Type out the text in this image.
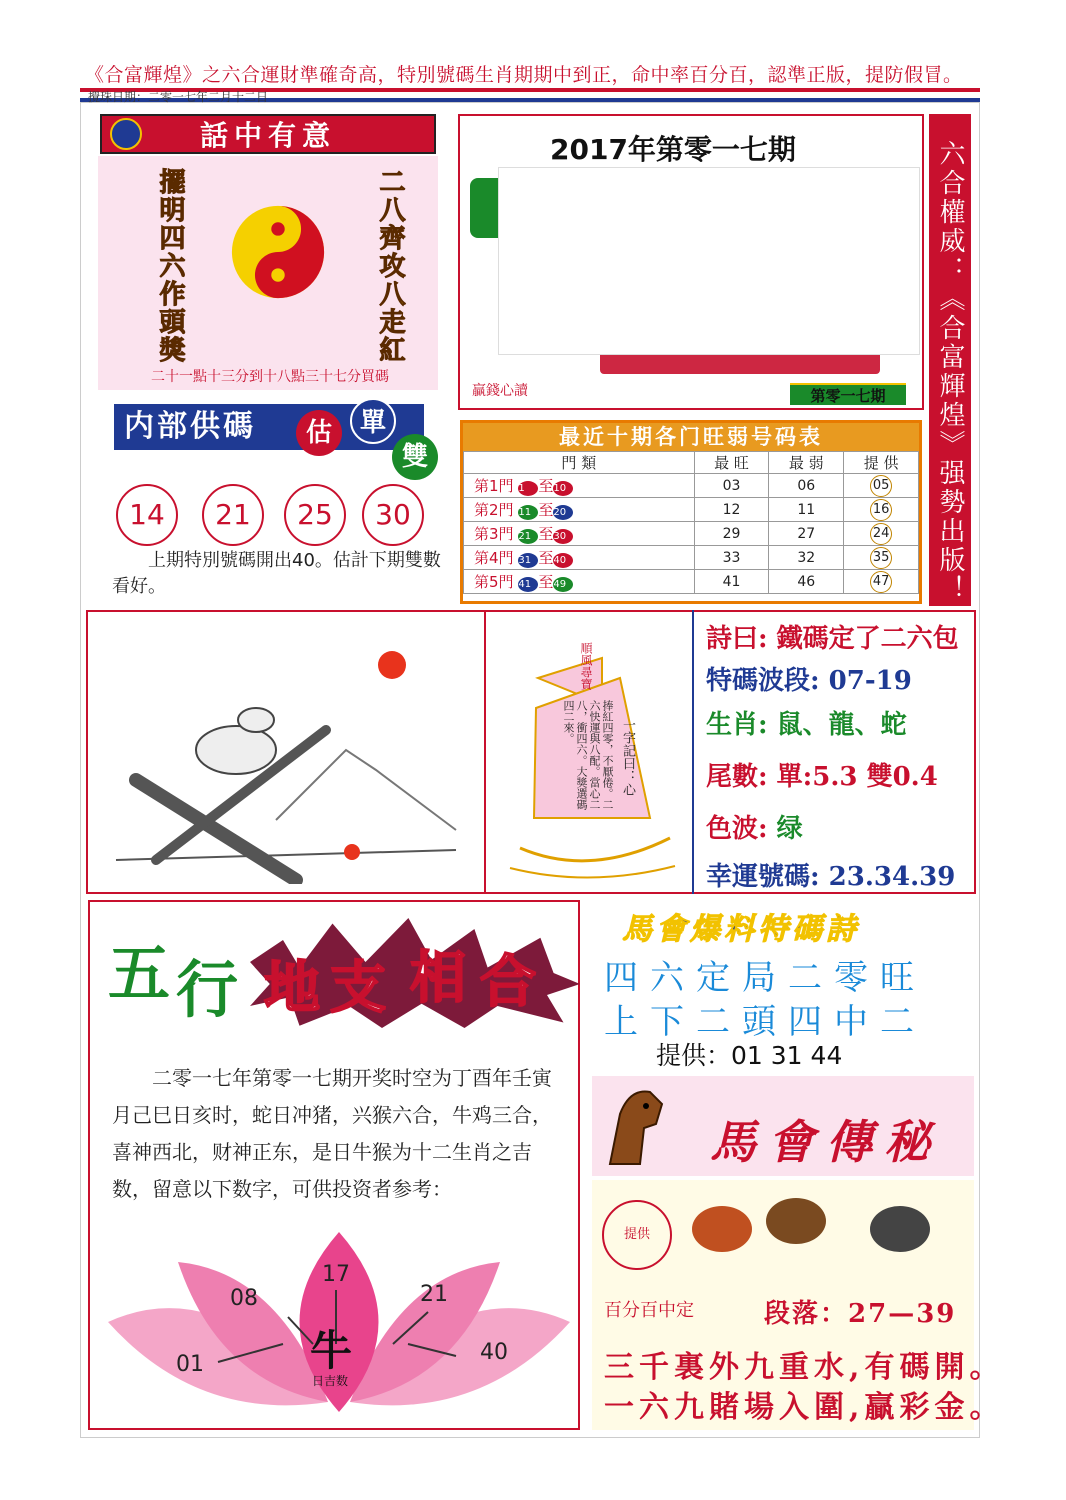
《合富輝煌》之六合運財準確奇高，特別號碼生肖期期中到正，命中率百分百，認準正版，提防假冒。
攪珠日期：二零一七年二月十二日
話中有意
擺明四六作頭獎	二八齊攻八走紅
二十一點十三分到十八點三十七分買碼
2017年第零一七期
贏錢心讀	第零一七期	六合權威：《合富輝煌》强勢出版！
内部供碼	估	單
雙
14	21	25	30
上期特別號碼開出40。估計下期雙數看好。
最近十期各门旺弱号码表
門 類	最 旺	最 弱	提 供
第1門 1 至10	03	06	05
第2門 11 至20	12	11	16
第3門 21 至30	29	27	24
第4門 31 至40	33	32	35
第5門 41 至49	41	46	47
順風尋寶
一字記曰：心
捧紅四零，不厭倦。二六快運與八配。當心二八，衝四六。大獎選碼四二來。
詩曰: 鐵碼定了二六包
特碼波段: 07-19
生肖: 鼠、龍、蛇
尾數: 單:5.3 雙0.4
色波: 绿
幸運號碼: 23.34.39
五 行 地 支 相 合
二零一七年第零一七期开奖时空为丁酉年壬寅月己巳日亥时，蛇日冲猪，兴猴六合，牛鸡三合，喜神西北，财神正东，是日牛猴为十二生肖之吉数，留意以下数字，可供投资者参考：
01
08
17
21
40
牛
日吉数
馬會爆料特碼詩
四六定局二零旺
上下二頭四中二
提供：01 31 44
馬會傳秘
提供
百分百中定	段落：27—39
三千裏外九重水,有碼開。
一六九賭場入圍,贏彩金。
